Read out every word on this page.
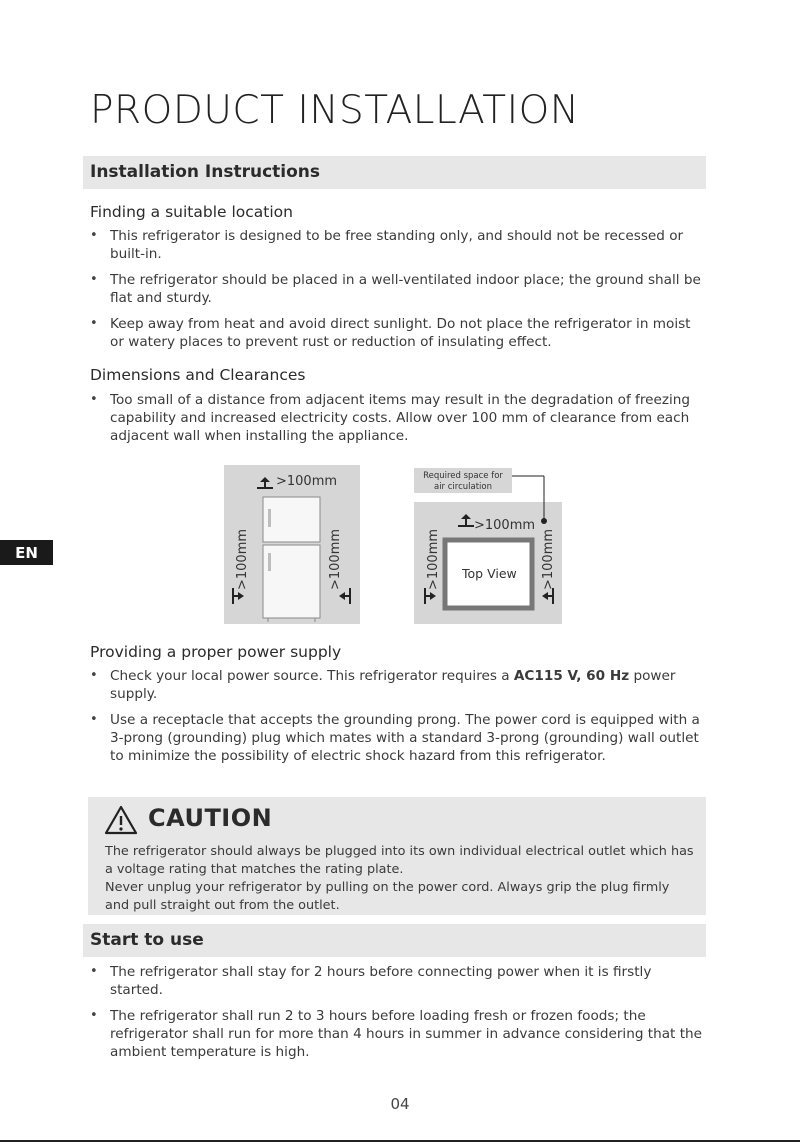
PRODUCT INSTALLATION
Installation Instructions
Finding a suitable location
• This refrigerator is designed to be free standing only, and should not be recessed or built-in.
• The refrigerator should be placed in a well-ventilated indoor place; the ground shall be flat and sturdy.
• Keep away from heat and avoid direct sunlight. Do not place the refrigerator in moist or watery places to prevent rust or reduction of insulating effect.
Dimensions and Clearances
• Too small of a distance from adjacent items may result in the degradation of freezing capability and increased electricity costs. Allow over 100 mm of clearance from each adjacent wall when installing the appliance.
EN
>100mm
>100mm	>100mm	Top View
>100mm
>100mm	>100mm
Required space for
air circulation
Providing a proper power supply
• Check your local power source. This refrigerator requires a AC115 V, 60 Hz power supply.
• Use a receptacle that accepts the grounding prong. The power cord is equipped with a 3-prong (grounding) plug which mates with a standard 3-prong (grounding) wall outlet to minimize the possibility of electric shock hazard from this refrigerator.
CAUTION
The refrigerator should always be plugged into its own individual electrical outlet which has a voltage rating that matches the rating plate.
Never unplug your refrigerator by pulling on the power cord. Always grip the plug firmly and pull straight out from the outlet.
Start to use
• The refrigerator shall stay for 2 hours before connecting power when it is firstly started.
• The refrigerator shall run 2 to 3 hours before loading fresh or frozen foods; the refrigerator shall run for more than 4 hours in summer in advance considering that the ambient temperature is high.
04
